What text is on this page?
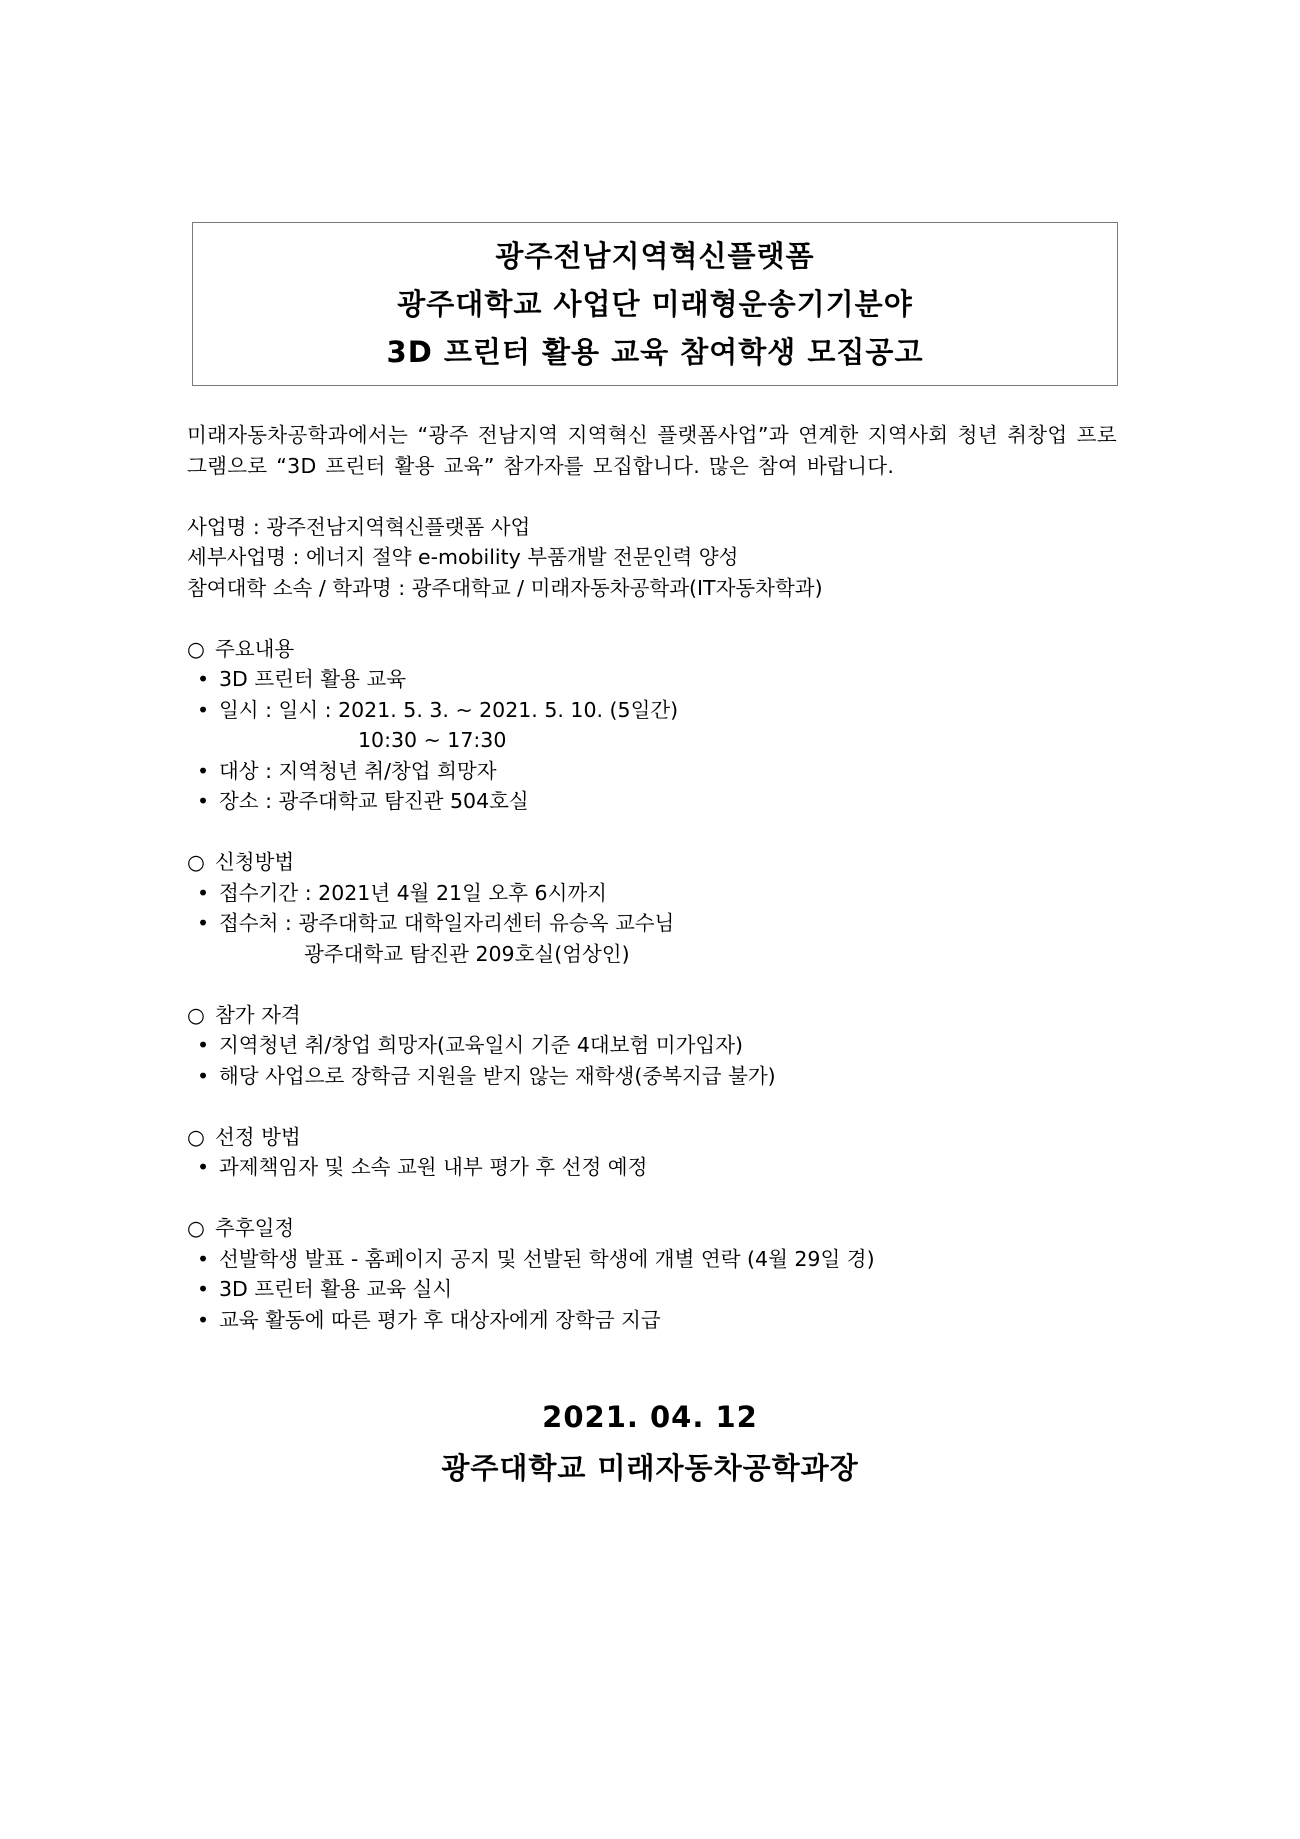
광주전남지역혁신플랫폼
광주대학교 사업단 미래형운송기기분야
3D 프린터 활용 교육 참여학생 모집공고
미래자동차공학과에서는 “광주 전남지역 지역혁신 플랫폼사업”과 연계한 지역사회 청년 취창업 프로그램으로 “3D 프린터 활용 교육” 참가자를 모집합니다. 많은 참여 바랍니다.
사업명 : 광주전남지역혁신플랫폼 사업
세부사업명 : 에너지 절약 e-mobility 부품개발 전문인력 양성
참여대학 소속 / 학과명 : 광주대학교 / 미래자동차공학과(IT자동차학과)
○ 주요내용
• 3D 프린터 활용 교육
• 일시 : 일시 : 2021. 5. 3. ~ 2021. 5. 10. (5일간)
10:30 ~ 17:30
• 대상 : 지역청년 취/창업 희망자
• 장소 : 광주대학교 탐진관 504호실
○ 신청방법
• 접수기간 : 2021년 4월 21일 오후 6시까지
• 접수처 : 광주대학교 대학일자리센터 유승옥 교수님
광주대학교 탐진관 209호실(엄상인)
○ 참가 자격
• 지역청년 취/창업 희망자(교육일시 기준 4대보험 미가입자)
• 해당 사업으로 장학금 지원을 받지 않는 재학생(중복지급 불가)
○ 선정 방법
• 과제책임자 및 소속 교원 내부 평가 후 선정 예정
○ 추후일정
• 선발학생 발표 - 홈페이지 공지 및 선발된 학생에 개별 연락 (4월 29일 경)
• 3D 프린터 활용 교육 실시
• 교육 활동에 따른 평가 후 대상자에게 장학금 지급
2021. 04. 12
광주대학교 미래자동차공학과장
